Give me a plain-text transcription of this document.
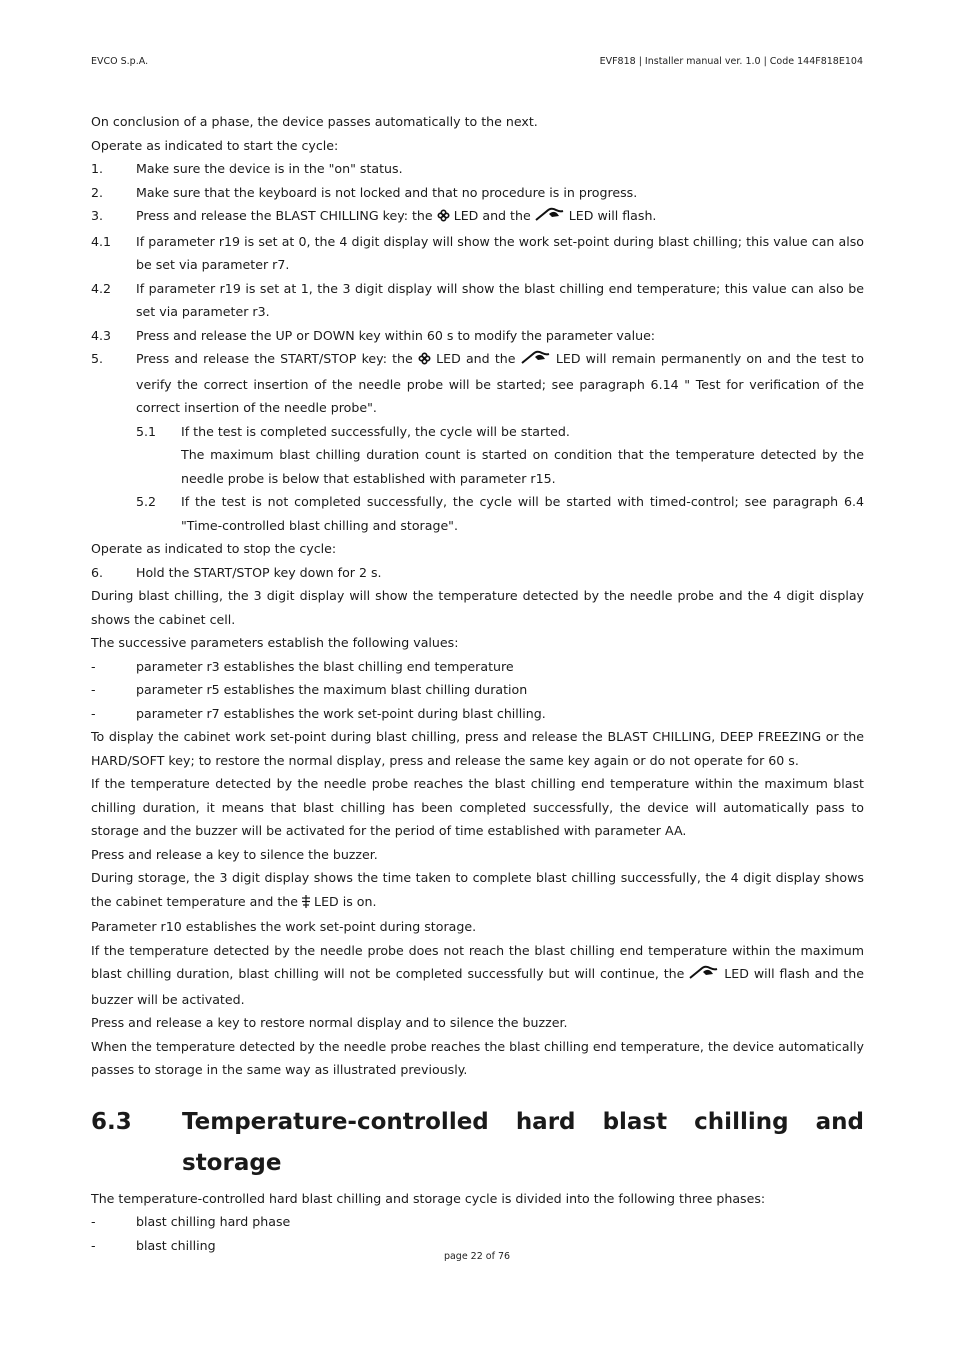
EVCO S.p.A.	EVF818 | Installer manual ver. 1.0 | Code 144F818E104
On conclusion of a phase, the device passes automatically to the next.
Operate as indicated to start the cycle:
1.	Make sure the device is in the "on" status.
2.	Make sure that the keyboard is not locked and that no procedure is in progress.
3.	Press and release the BLAST CHILLING key: the LED and the	LED will flash.
4.1	If parameter r19 is set at 0, the 4 digit display will show the work set-point during blast chilling; this value can also be set via parameter r7.
4.2	If parameter r19 is set at 1, the 3 digit display will show the blast chilling end temperature; this value can also be set via parameter r3.
4.3	Press and release the UP or DOWN key within 60 s to modify the parameter value:
5.	Press and release the START/STOP key: the LED and the	LED will remain permanently on and the test to verify the correct insertion of the needle probe will be started; see paragraph 6.14 " Test for verification of the correct insertion of the needle probe".
5.1	If the test is completed successfully, the cycle will be started.
The maximum blast chilling duration count is started on condition that the temperature detected by the needle probe is below that established with parameter r15.
5.2	If the test is not completed successfully, the cycle will be started with timed-control; see paragraph 6.4 "Time-controlled blast chilling and storage".
Operate as indicated to stop the cycle:
6.	Hold the START/STOP key down for 2 s.
During blast chilling, the 3 digit display will show the temperature detected by the needle probe and the 4 digit display shows the cabinet cell.
The successive parameters establish the following values:
-	parameter r3 establishes the blast chilling end temperature
-	parameter r5 establishes the maximum blast chilling duration
-	parameter r7 establishes the work set-point during blast chilling.
To display the cabinet work set-point during blast chilling, press and release the BLAST CHILLING, DEEP FREEZING or the HARD/SOFT key; to restore the normal display, press and release the same key again or do not operate for 60 s.
If the temperature detected by the needle probe reaches the blast chilling end temperature within the maximum blast chilling duration, it means that blast chilling has been completed successfully, the device will automatically pass to storage and the buzzer will be activated for the period of time established with parameter AA.
Press and release a key to silence the buzzer.
During storage, the 3 digit display shows the time taken to complete blast chilling successfully, the 4 digit display shows the cabinet temperature and the LED is on.
Parameter r10 establishes the work set-point during storage.
If the temperature detected by the needle probe does not reach the blast chilling end temperature within the maximum blast chilling duration, blast chilling will not be completed successfully but will continue, the	LED will flash and the buzzer will be activated.
Press and release a key to restore normal display and to silence the buzzer.
When the temperature detected by the needle probe reaches the blast chilling end temperature, the device automatically passes to storage in the same way as illustrated previously.
6.3	Temperature-controlled hard blast chilling and
storage
The temperature-controlled hard blast chilling and storage cycle is divided into the following three phases:
-	blast chilling hard phase
-	blast chilling
page 22 of 76
